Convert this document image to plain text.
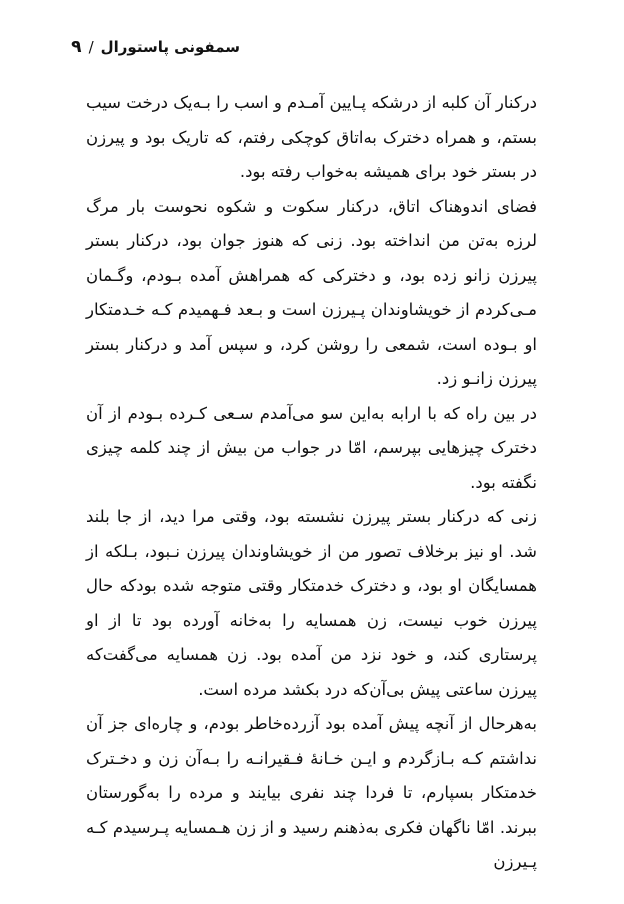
سمفونی پاستورال/۹

درکنار آن کلبه از درشکه پـایین آمـدم و اسب را بـه‌یک درخت سیب بستم، و همراه دخترک به‌اتاق کوچکی رفتم، که تاریک بود و پیرزن در بستر خود برای همیشه به‌خواب رفته بود.

فضای اندوهناک اتاق، درکنار سکوت و شکوه نحوست بار مرگ لرزه به‌تن من انداخته بود. زنی که هنوز جوان بود، درکنار بستر پیرزن زانو زده بود، و دخترکی که همراهش آمده بـودم، وگـمان مـی‌کردم از خویشاوندان پـیرزن است و بـعد فـهمیدم کـه خـدمتکار او بـوده است، شمعی را روشن کرد، و سپس آمد و درکنار بستر پیرزن زانـو زد.

در بین راه که با ارابه به‌این سو می‌آمدم سـعی کـرده بـودم از آن دخترک چیزهایی بپرسم، امّا در جواب من بیش از چند کلمه چیزی نگفته بود.

زنی که درکنار بستر پیرزن نشسته بود، وقتی مرا دید، از جا بلند شد. او نیز برخلاف تصور من از خویشاوندان پیرزن نـبود، بـلکه از همسایگان او بود، و دخترک خدمتکار وقتی متوجه شده بودکه حال پیرزن خوب نیست، زن همسایه را به‌خانه آورده بود تا از او پرستاری کند، و خود نزد من آمده بود. زن همسایه می‌گفت‌که پیرزن ساعتی پیش بی‌آن‌که درد بکشد مرده است.

به‌هرحال از آنچه پیش آمده بود آزرده‌خاطر بودم، و چاره‌ای جز آن نداشتم کـه بـازگردم و ایـن خـانهٔ فـقیرانـه را بـه‌آن زن و دخـترک خدمتکار بسپارم، تا فردا چند نفری بیایند و مرده را به‌گورستان ببرند. امّا ناگهان فکری به‌ذهنم رسید و از زن هـمسایه پـرسیدم کـه پـیرزن
